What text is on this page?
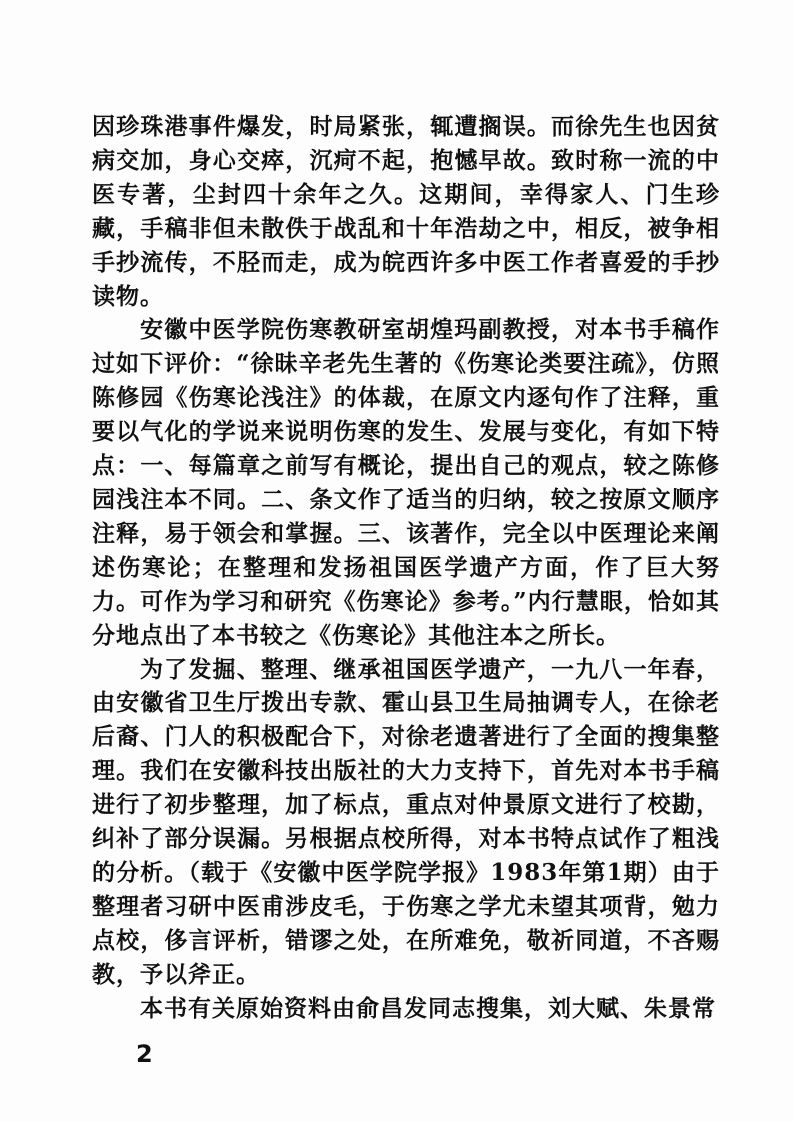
因珍珠港事件爆发，时局紧张，辄遭搁误。而徐先生也因贫病交加，身心交瘁，沉疴不起，抱憾早故。致时称一流的中医专著，尘封四十余年之久。这期间，幸得家人、门生珍藏，手稿非但未散佚于战乱和十年浩劫之中，相反，被争相手抄流传，不胫而走，成为皖西许多中医工作者喜爱的手抄读物。

安徽中医学院伤寒教研室胡煌玛副教授，对本书手稿作过如下评价：“徐昧辛老先生著的《伤寒论类要注疏》，仿照陈修园《伤寒论浅注》的体裁，在原文内逐句作了注释，重要以气化的学说来说明伤寒的发生、发展与变化，有如下特点：一、每篇章之前写有概论，提出自己的观点，较之陈修园浅注本不同。二、条文作了适当的归纳，较之按原文顺序注释，易于领会和掌握。三、该著作，完全以中医理论来阐述伤寒论；在整理和发扬祖国医学遗产方面，作了巨大努力。可作为学习和研究《伤寒论》参考。”内行慧眼，恰如其分地点出了本书较之《伤寒论》其他注本之所长。

为了发掘、整理、继承祖国医学遗产，一九八一年春，由安徽省卫生厅拨出专款、霍山县卫生局抽调专人，在徐老后裔、门人的积极配合下，对徐老遗著进行了全面的搜集整理。我们在安徽科技出版社的大力支持下，首先对本书手稿进行了初步整理，加了标点，重点对仲景原文进行了校勘，纠补了部分误漏。另根据点校所得，对本书特点试作了粗浅的分析。（载于《安徽中医学院学报》1983年第1期）由于整理者习研中医甫涉皮毛，于伤寒之学尤未望其项背，勉力点校，侈言评析，错谬之处，在所难免，敬祈同道，不吝赐教，予以斧正。

本书有关原始资料由俞昌发同志搜集，刘大赋、朱景常

2
